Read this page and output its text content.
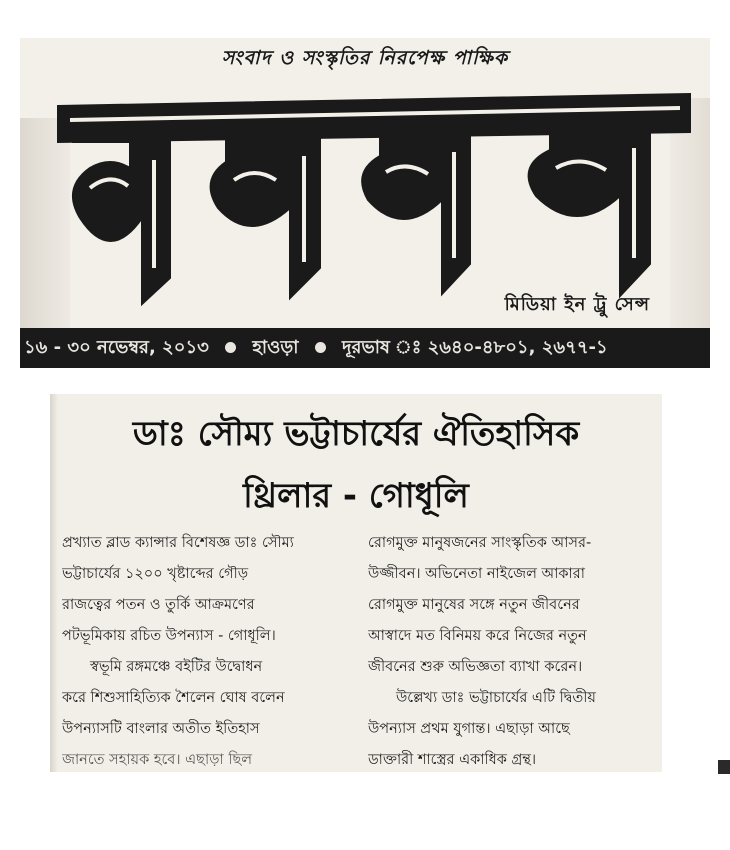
সংবাদ ও সংস্কৃতির নিরপেক্ষ পাক্ষিক
মিডিয়া ইন ট্রু সেন্স
১৬ - ৩০ নভেম্বর, ২০১৩ হাওড়া দূরভাষ ঃ ২৬৪০-৪৮০১, ২৬৭৭-১
ডাঃ সৌম্য ভট্টাচার্যের ঐতিহাসিক
থ্রিলার - গোধূলি

প্রখ্যাত ব্লাড ক্যান্সার বিশেষজ্ঞ ডাঃ সৌম্য

ভট্টাচার্যের ১২০০ খৃষ্টাব্দের গৌড়

রাজত্বের পতন ও তুর্কি আক্রমণের

পটভূমিকায় রচিত উপন্যাস - গোধূলি।

স্বভূমি রঙ্গমঞ্চে বইটির উদ্বোধন

করে শিশুসাহিত্যিক শৈলেন ঘোষ বলেন

উপন্যাসটি বাংলার অতীত ইতিহাস

জানতে সহায়ক হবে। এছাড়া ছিল

রোগমুক্ত মানুষজনের সাংস্কৃতিক আসর-

উজ্জীবন। অভিনেতা নাইজেল আকারা

রোগমুক্ত মানুষের সঙ্গে নতুন জীবনের

আস্বাদে মত বিনিময় করে নিজের নতুন

জীবনের শুরু অভিজ্ঞতা ব্যাখা করেন।

উল্লেখ্য ডাঃ ভট্টাচার্যের এটি দ্বিতীয়

উপন্যাস প্রথম যুগান্ত। এছাড়া আছে

ডাক্তারী শাস্ত্রের একাধিক গ্রন্থ।
